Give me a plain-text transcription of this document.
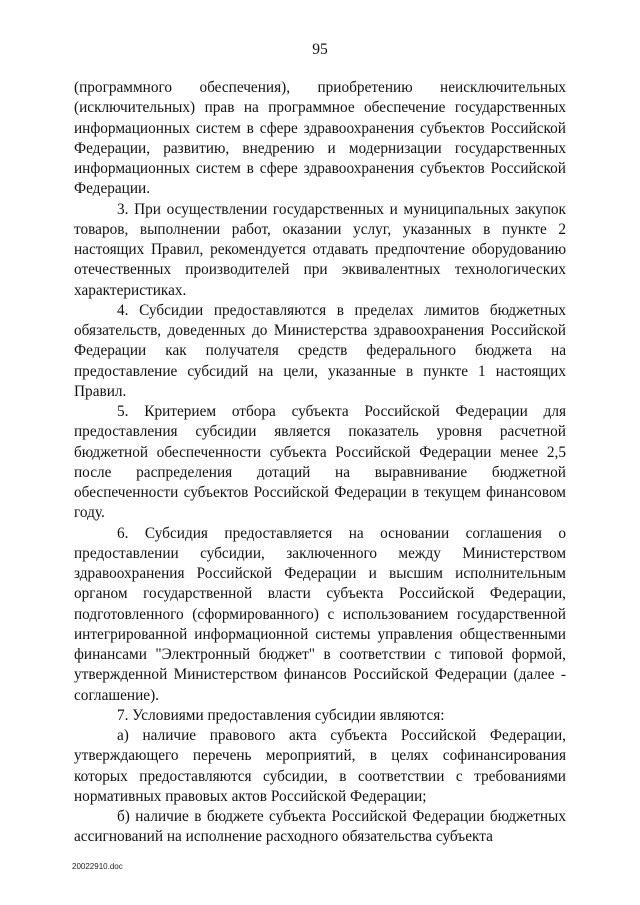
95

(программного обеспечения), приобретению неисключительных (исключительных) прав на программное обеспечение государственных информационных систем в сфере здравоохранения субъектов Российской Федерации, развитию, внедрению и модернизации государственных информационных систем в сфере здравоохранения субъектов Российской Федерации.

3. При осуществлении государственных и муниципальных закупок товаров, выполнении работ, оказании услуг, указанных в пункте 2 настоящих Правил, рекомендуется отдавать предпочтение оборудованию отечественных производителей при эквивалентных технологических характеристиках.

4. Субсидии предоставляются в пределах лимитов бюджетных обязательств, доведенных до Министерства здравоохранения Российской Федерации как получателя средств федерального бюджета на предоставление субсидий на цели, указанные в пункте 1 настоящих Правил.

5. Критерием отбора субъекта Российской Федерации для предоставления субсидии является показатель уровня расчетной бюджетной обеспеченности субъекта Российской Федерации менее 2,5 после распределения дотаций на выравнивание бюджетной обеспеченности субъектов Российской Федерации в текущем финансовом году.

6. Субсидия предоставляется на основании соглашения о предоставлении субсидии, заключенного между Министерством здравоохранения Российской Федерации и высшим исполнительным органом государственной власти субъекта Российской Федерации, подготовленного (сформированного) с использованием государственной интегрированной информационной системы управления общественными финансами "Электронный бюджет" в соответствии с типовой формой, утвержденной Министерством финансов Российской Федерации (далее - соглашение).

7. Условиями предоставления субсидии являются:

а) наличие правового акта субъекта Российской Федерации, утверждающего перечень мероприятий, в целях софинансирования которых предоставляются субсидии, в соответствии с требованиями нормативных правовых актов Российской Федерации;

б) наличие в бюджете субъекта Российской Федерации бюджетных ассигнований на исполнение расходного обязательства субъекта

20022910.doc
